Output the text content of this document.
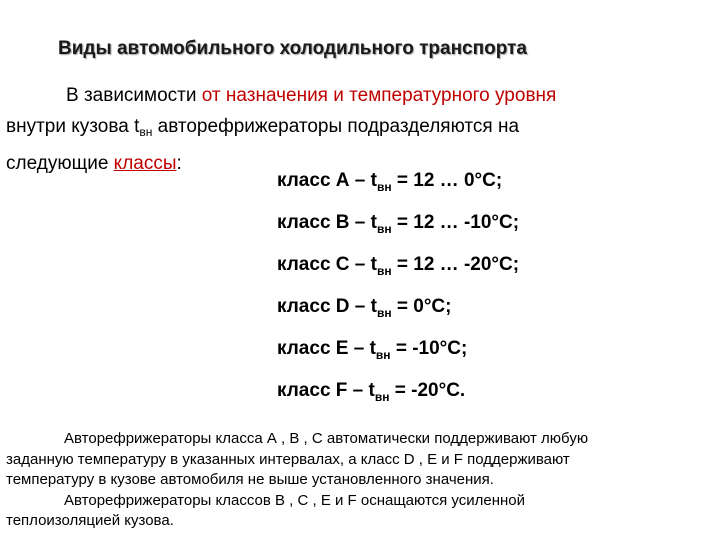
Виды автомобильного холодильного транспорта
В зависимости от назначения и температурного уровня
внутри кузова $t_{вн}$ авторефрижераторы подразделяются на
следующие классы:
класс $А - t_{вн} = 12$ … 0°С;
класс $В - t_{вн} = 12$ … -10°С;
класс $С - t_{вн} = 12$ … -20°С;
класс $D - t_{вн} = 0^\circ С$;
класс $Е - t_{вн} = -10^\circ С$;
класс $F - t_{вн} = -20^\circ С$.
Авторефрижераторы класса А , В , С автоматически поддерживают любую
заданную температуру в указанных интервалах, а класс D , Е и F поддерживают
температуру в кузове автомобиля не выше установленного значения.
Авторефрижераторы классов В , С , Е и F оснащаются усиленной
теплоизоляцией кузова.
